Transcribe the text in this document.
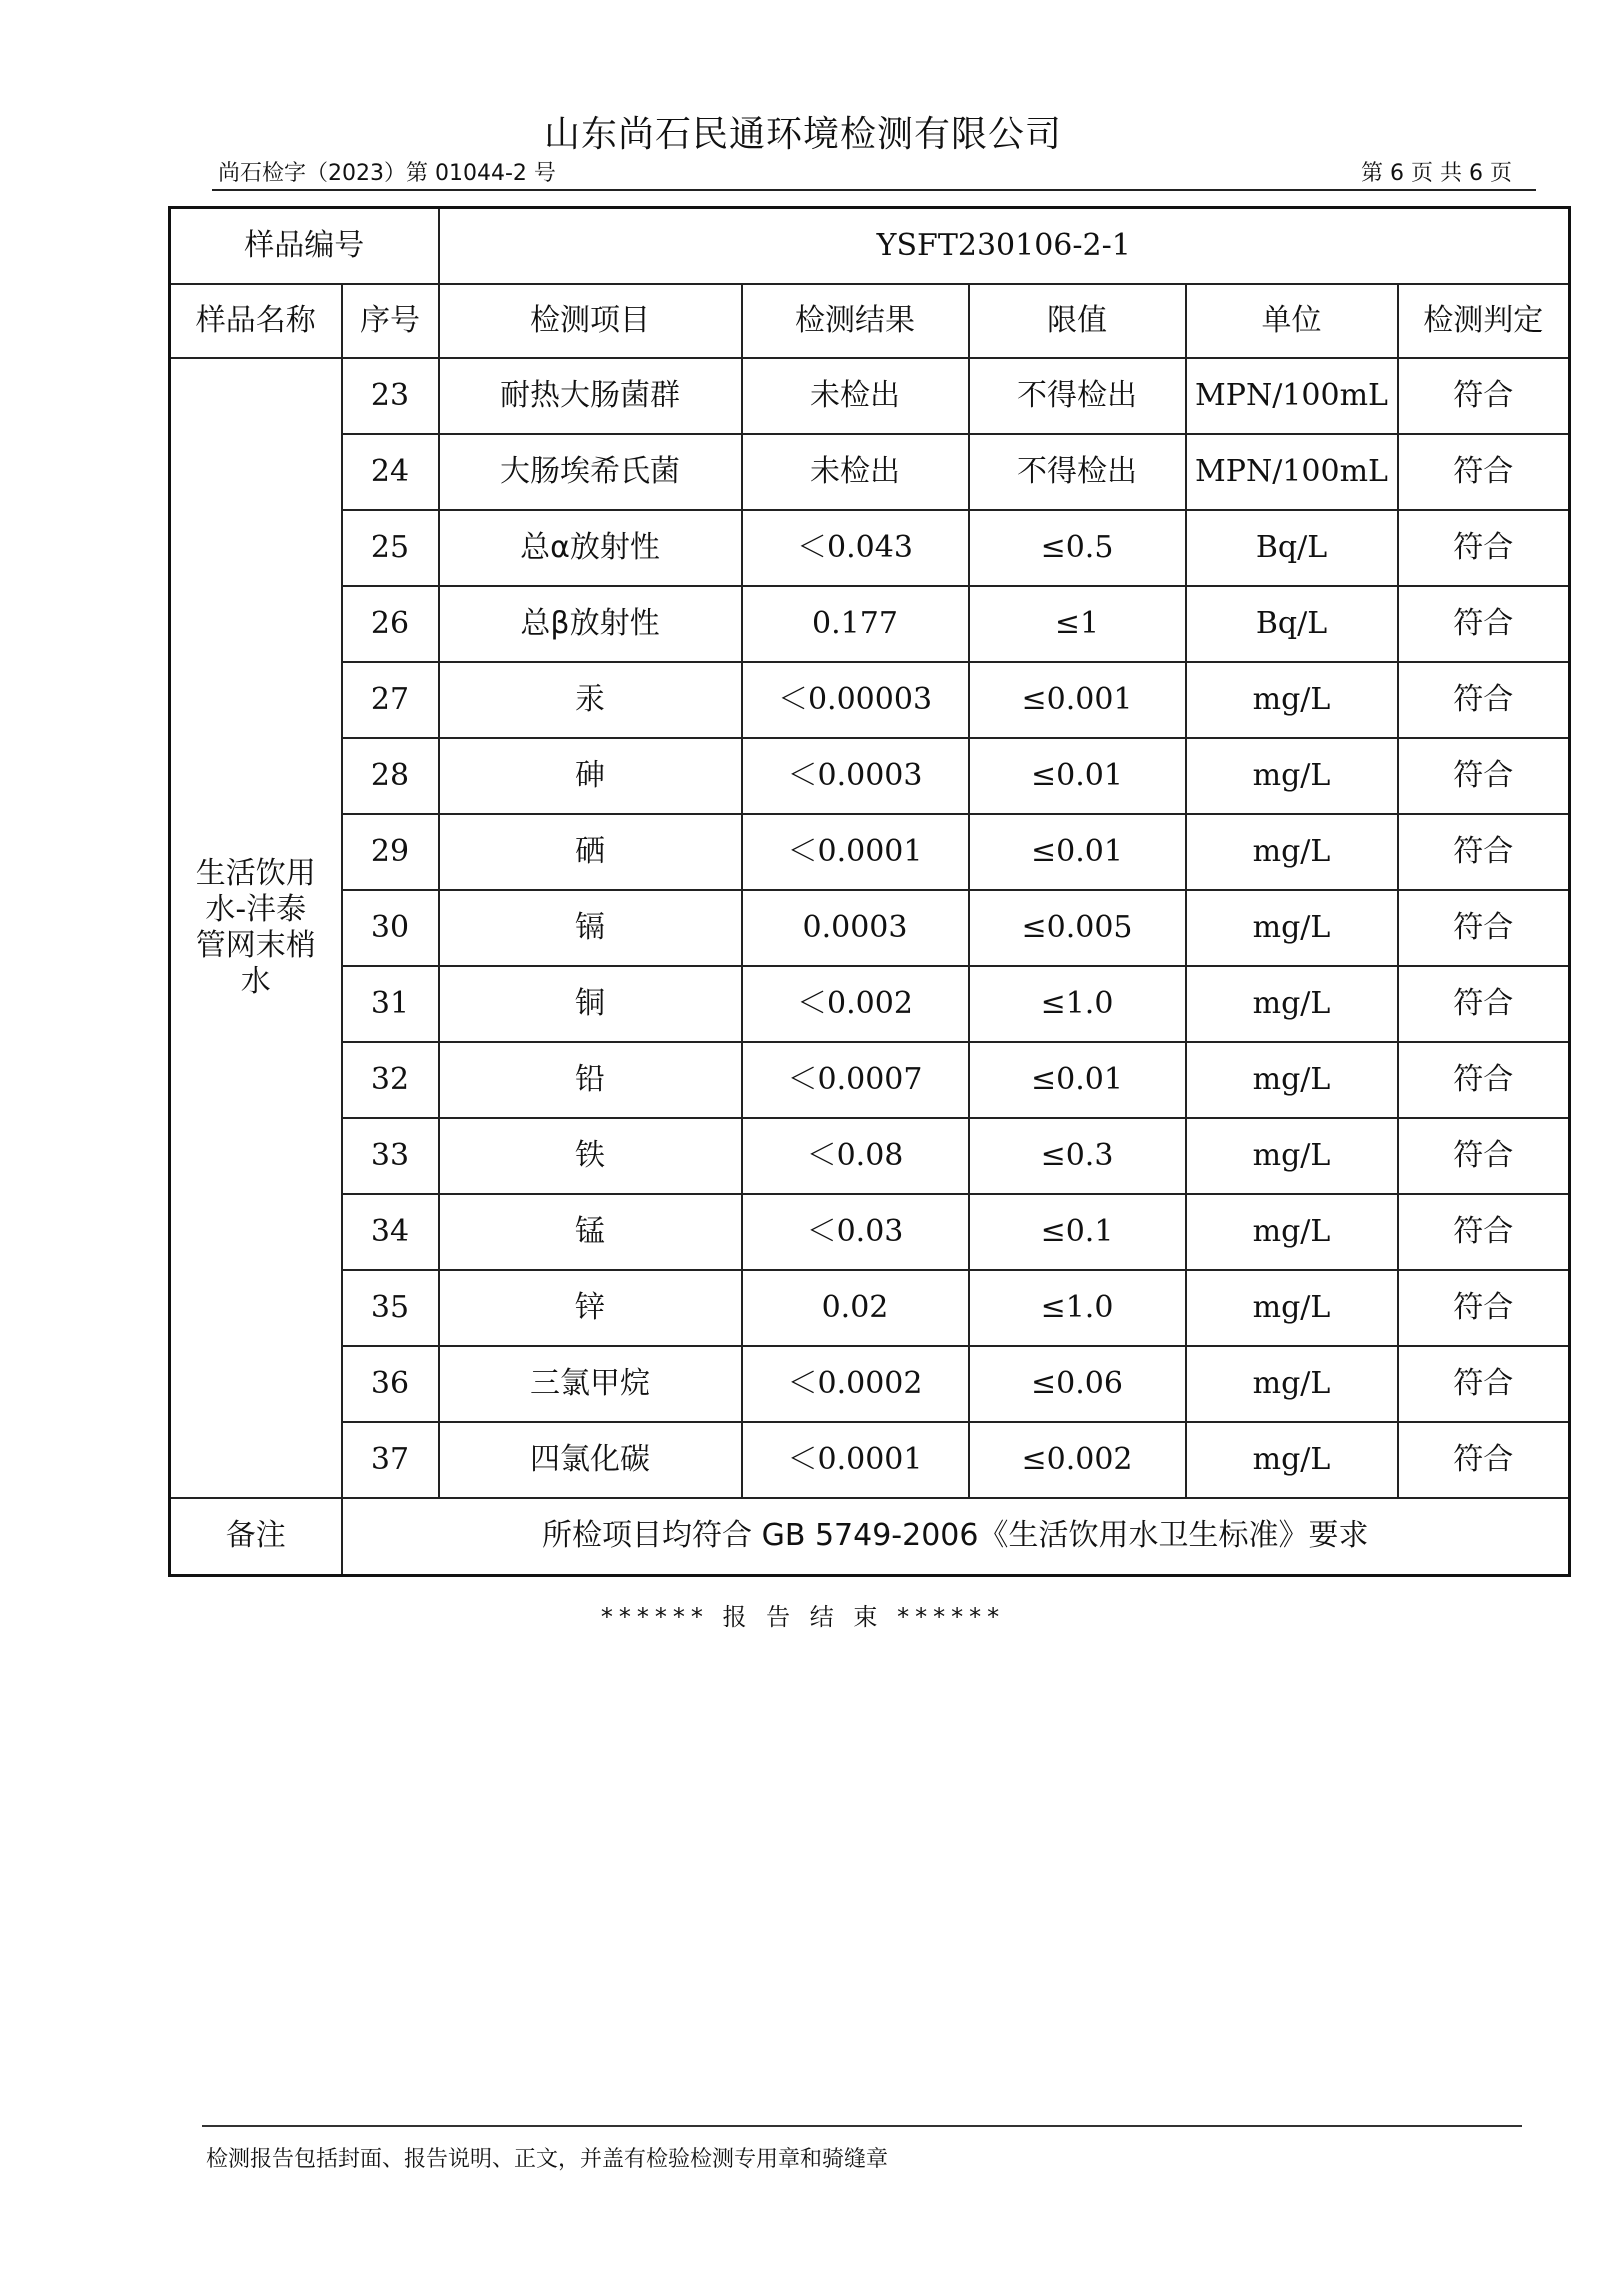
山东尚石民通环境检测有限公司
尚石检字（2023）第 01044-2 号	第 6 页 共 6 页
样品编号		YSFT230106-2-1				
样品名称	序号	检测项目	检测结果	限值	单位	检测判定

生活饮用
水-沣泰
管网末梢
水	23	耐热大肠菌群	未检出	不得检出	MPN/100mL	符合
	24	大肠埃希氏菌	未检出	不得检出	MPN/100mL	符合
	25	总α放射性	＜0.043	≤0.5	Bq/L	符合
	26	总β放射性	0.177	≤1	Bq/L	符合
	27	汞	＜0.00003	≤0.001	mg/L	符合
	28	砷	＜0.0003	≤0.01	mg/L	符合
	29	硒	＜0.0001	≤0.01	mg/L	符合
	30	镉	0.0003	≤0.005	mg/L	符合
	31	铜	＜0.002	≤1.0	mg/L	符合
	32	铅	＜0.0007	≤0.01	mg/L	符合
	33	铁	＜0.08	≤0.3	mg/L	符合
	34	锰	＜0.03	≤0.1	mg/L	符合
	35	锌	0.02	≤1.0	mg/L	符合
	36	三氯甲烷	＜0.0002	≤0.06	mg/L	符合
	37	四氯化碳	＜0.0001	≤0.002	mg/L	符合
备注	所检项目均符合 GB 5749-2006《生活饮用水卫生标准》要求					
****** 报 告 结 束 ******
检测报告包括封面、报告说明、正文，并盖有检验检测专用章和骑缝章
